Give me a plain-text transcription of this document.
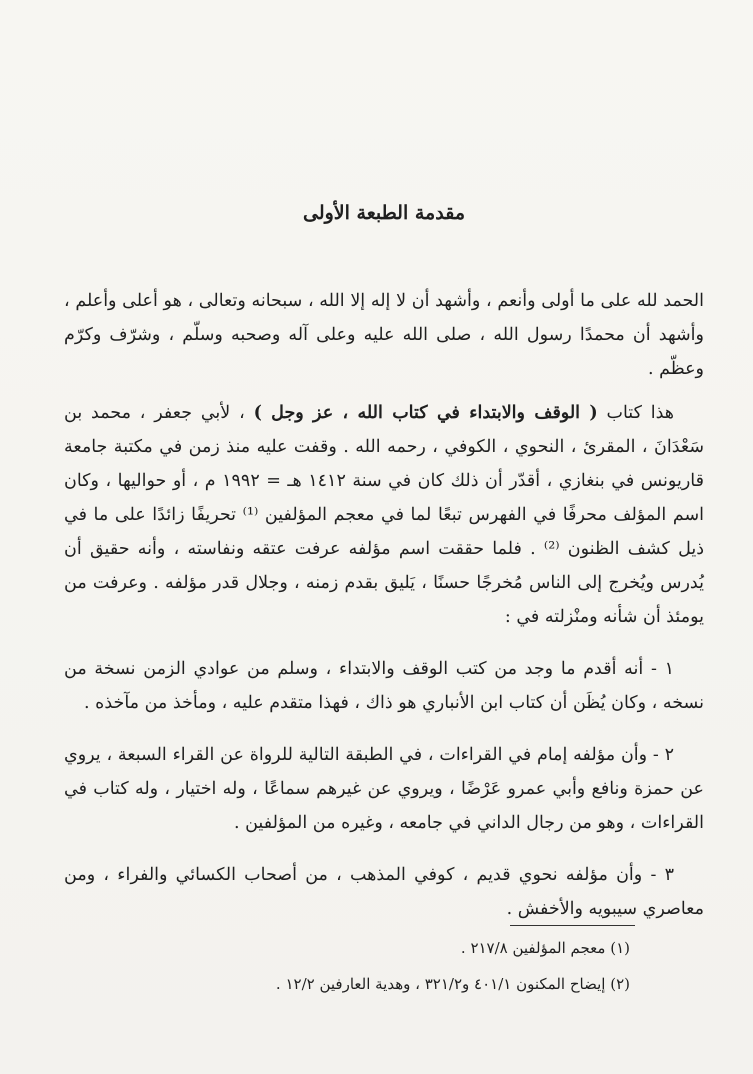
مقدمة الطبعة الأولى

الحمد لله على ما أولى وأنعم ، وأشهد أن لا إله إلا الله ، سبحانه وتعالى ، هو أعلى وأعلم ، وأشهد أن محمدًا رسول الله ، صلى الله عليه وعلى آله وصحبه وسلّم ، وشرّف وكرّم وعظّم .

هذا كتاب ( الوقف والابتداء في كتاب الله ، عز وجل ) ، لأبي جعفر ، محمد بن سَعْدَانَ ، المقرئ ، النحوي ، الكوفي ، رحمه الله . وقفت عليه منذ زمن في مكتبة جامعة قاريونس في بنغازي ، أقدّر أن ذلك كان في سنة ١٤١٢ هـ = ١٩٩٢ م ، أو حواليها ، وكان اسم المؤلف محرفًا في الفهرس تبعًا لما في معجم المؤلفين ⁽¹⁾ تحريفًا زائدًا على ما في ذيل كشف الظنون ⁽²⁾ . فلما حققت اسم مؤلفه عرفت عتقه ونفاسته ، وأنه حقيق أن يُدرس ويُخرج إلى الناس مُخرجًا حسنًا ، يَليق بقدم زمنه ، وجلال قدر مؤلفه . وعرفت من يومئذ أن شأنه ومنْزلته في :

١ - أنه أقدم ما وجد من كتب الوقف والابتداء ، وسلم من عوادي الزمن نسخة من نسخه ، وكان يُظَن أن كتاب ابن الأنباري هو ذاك ، فهذا متقدم عليه ، ومأخذ من مآخذه .

٢ - وأن مؤلفه إمام في القراءات ، في الطبقة التالية للرواة عن القراء السبعة ، يروي عن حمزة ونافع وأبي عمرو عَرْضًا ، ويروي عن غيرهم سماعًا ، وله اختيار ، وله كتاب في القراءات ، وهو من رجال الداني في جامعه ، وغيره من المؤلفين .

٣ - وأن مؤلفه نحوي قديم ، كوفي المذهب ، من أصحاب الكسائي والفراء ، ومن معاصري سيبويه والأخفش .

(١) معجم المؤلفين ٢١٧/٨ .

(٢) إيضاح المكنون ٤٠١/١ و٣٢١/٢ ، وهدية العارفين ١٢/٢ .
